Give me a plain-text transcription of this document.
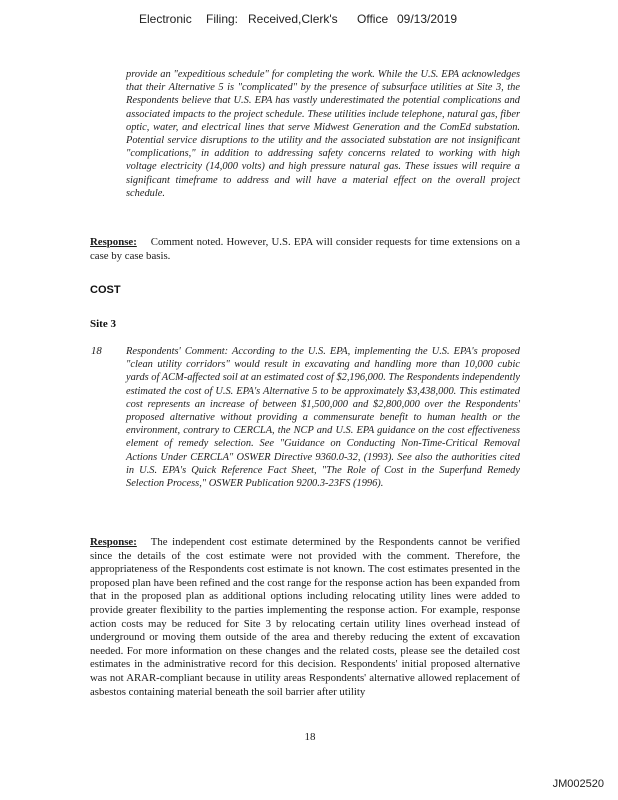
Electronic Filing: Received,Clerk's Office 09/13/2019
provide an "expeditious schedule" for completing the work. While the U.S. EPA acknowledges that their Alternative 5 is "complicated" by the presence of subsurface utilities at Site 3, the Respondents believe that U.S. EPA has vastly underestimated the potential complications and associated impacts to the project schedule. These utilities include telephone, natural gas, fiber optic, water, and electrical lines that serve Midwest Generation and the ComEd substation. Potential service disruptions to the utility and the associated substation are not insignificant "complications," in addition to addressing safety concerns related to working with high voltage electricity (14,000 volts) and high pressure natural gas. These issues will require a significant timeframe to address and will have a material effect on the overall project schedule.
Response: Comment noted. However, U.S. EPA will consider requests for time extensions on a case by case basis.
COST
Site 3
18 Respondents' Comment: According to the U.S. EPA, implementing the U.S. EPA's proposed "clean utility corridors" would result in excavating and handling more than 10,000 cubic yards of ACM-affected soil at an estimated cost of $2,196,000. The Respondents independently estimated the cost of U.S. EPA's Alternative 5 to be approximately $3,438,000. This estimated cost represents an increase of between $1,500,000 and $2,800,000 over the Respondents' proposed alternative without providing a commensurate benefit to human health or the environment, contrary to CERCLA, the NCP and U.S. EPA guidance on the cost effectiveness element of remedy selection. See "Guidance on Conducting Non-Time-Critical Removal Actions Under CERCLA" OSWER Directive 9360.0-32, (1993). See also the authorities cited in U.S. EPA's Quick Reference Fact Sheet, "The Role of Cost in the Superfund Remedy Selection Process," OSWER Publication 9200.3-23FS (1996).
Response: The independent cost estimate determined by the Respondents cannot be verified since the details of the cost estimate were not provided with the comment. Therefore, the appropriateness of the Respondents cost estimate is not known. The cost estimates presented in the proposed plan have been refined and the cost range for the response action has been expanded from that in the proposed plan as additional options including relocating utility lines were added to provide greater flexibility to the parties implementing the response action. For example, response action costs may be reduced for Site 3 by relocating certain utility lines overhead instead of underground or moving them outside of the area and thereby reducing the extent of excavation needed. For more information on these changes and the related costs, please see the detailed cost estimates in the administrative record for this decision. Respondents' initial proposed alternative was not ARAR-compliant because in utility areas Respondents' alternative allowed replacement of asbestos containing material beneath the soil barrier after utility
18
JM002520
